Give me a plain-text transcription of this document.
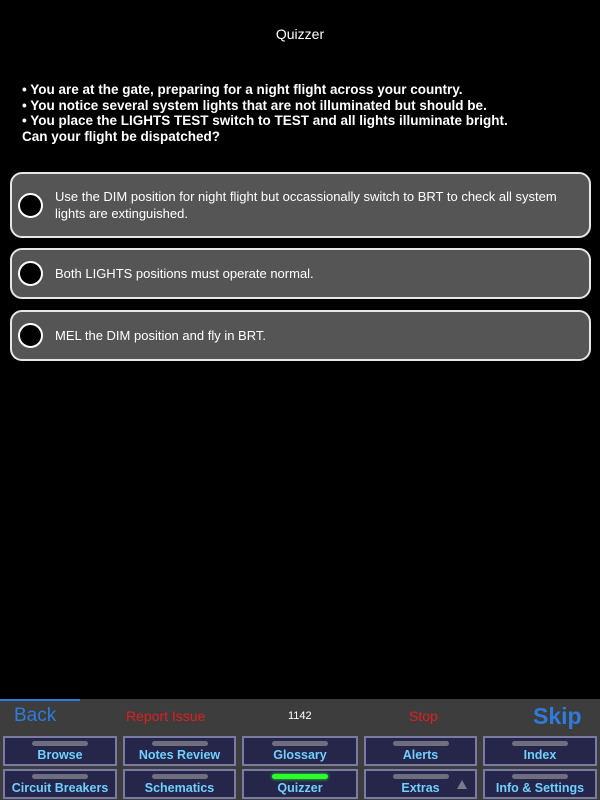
Quizzer
• You are at the gate, preparing for a night flight across your country.
• You notice several system lights that are not illuminated but should be.
• You place the LIGHTS TEST switch to TEST and all lights illuminate bright.
Can your flight be dispatched?
Use the DIM position for night flight but occassionally switch to BRT to check all system lights are extinguished.
Both LIGHTS positions must operate normal.
MEL the DIM position and fly in BRT.
Back	Report Issue	1142	Stop	Skip
Browse	Notes Review	Glossary	Alerts	Index
Circuit Breakers	Schematics	Quizzer	Extras	Info & Settings
